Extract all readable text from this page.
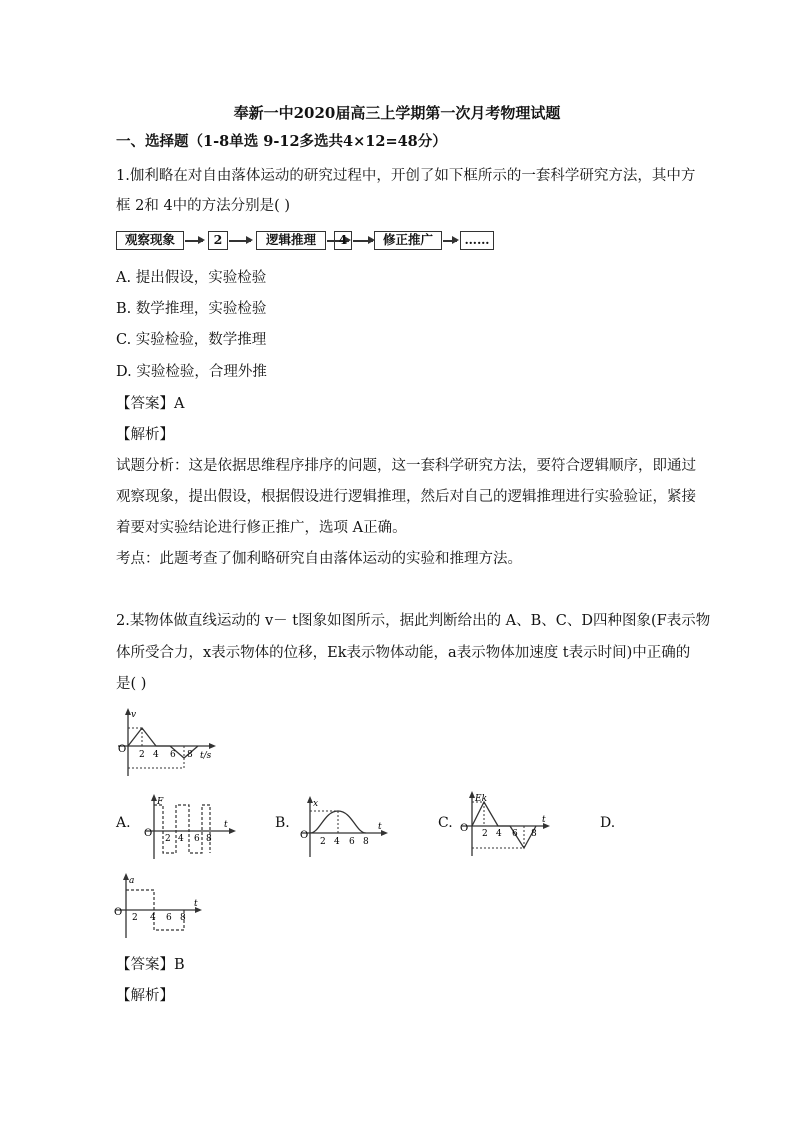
奉新一中2020届高三上学期第一次月考物理试题
一、选择题（1-8单选 9-12多选共4×12=48分）
1.伽利略在对自由落体运动的研究过程中，开创了如下框所示的一套科学研究方法，其中方
框 2和 4中的方法分别是( )
观察现象	2	逻辑推理	4	修正推广	……
A. 提出假设，实验检验
B. 数学推理，实验检验
C. 实验检验，数学推理
D. 实验检验，合理外推
【答案】A
【解析】
试题分析：这是依据思维程序排序的问题，这一套科学研究方法，要符合逻辑顺序，即通过
观察现象，提出假设，根据假设进行逻辑推理，然后对自己的逻辑推理进行实验验证，紧接
着要对实验结论进行修正推广，选项 A正确。
考点：此题考查了伽利略研究自由落体运动的实验和推理方法。
2.某物体做直线运动的 v－ t图象如图所示，据此判断给出的 A、B、C、D四种图象(F表示物
体所受合力，x表示物体的位移，Ek表示物体动能，a表示物体加速度 t表示时间)中正确的
是( )
v
O
t/s
2 4 6 8
A.
F
O
t
2 4 6 8
B.
x
O
t
2 4 6 8
C.
Ek
O 2 4 6 8
t	D.
a
O
t
2 4 6 8
【答案】B
【解析】
